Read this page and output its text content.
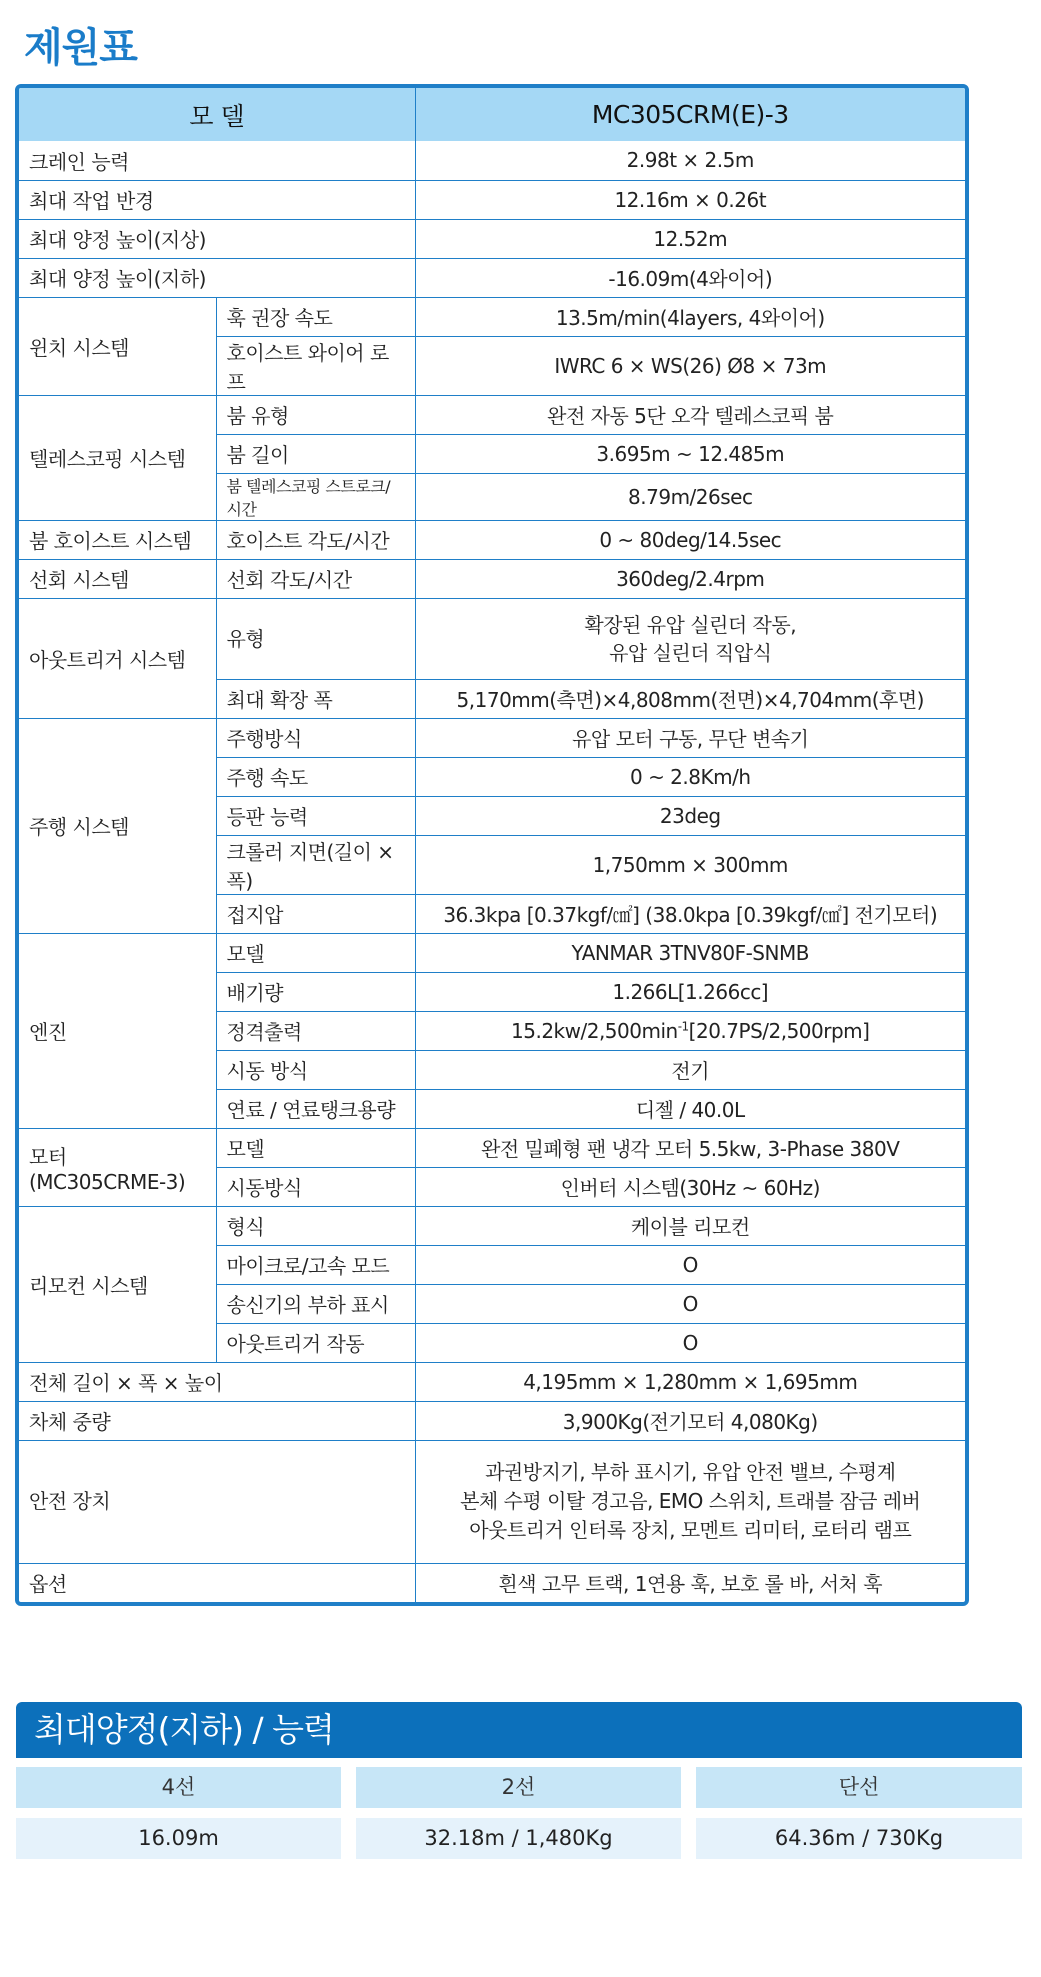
제원표
모 델		MC305CRM(E)-3
크레인 능력		2.98t × 2.5m
최대 작업 반경		12.16m × 0.26t
최대 양정 높이(지상)		12.52m
최대 양정 높이(지하)		-16.09m(4와이어)
윈치 시스템	훅 권장 속도	13.5m/min(4layers, 4와이어)
	호이스트 와이어 로프	IWRC 6 × WS(26) Ø8 × 73m
텔레스코핑 시스템	붐 유형	완전 자동 5단 오각 텔레스코픽 붐
	붐 길이	3.695m ~ 12.485m
	붐 텔레스코핑 스트로크/시간	8.79m/26sec
붐 호이스트 시스템	호이스트 각도/시간	0 ~ 80deg/14.5sec
선회 시스템	선회 각도/시간	360deg/2.4rpm
아웃트리거 시스템	유형	확장된 유압 실린더 작동,
유압 실린더 직압식

	최대 확장 폭	5,170mm(측면)×4,808mm(전면)×4,704mm(후면)
주행 시스템	주행방식	유압 모터 구동, 무단 변속기
	주행 속도	0 ~ 2.8Km/h
	등판 능력	23deg
	크롤러 지면(길이 × 폭)	1,750mm × 300mm
	접지압	36.3kpa [0.37kgf/㎠] (38.0kpa [0.39kgf/㎠] 전기모터)
엔진	모델	YANMAR 3TNV80F-SNMB
	배기량	1.266L[1.266cc]
	정격출력	$15.2kw/2,500\min^{-1}[20.7PS/2,500rpm]$
	시동 방식	전기
	연료 / 연료탱크용량	디젤 / 40.0L

모터
(MC305CRME-3)	모델	완전 밀폐형 팬 냉각 모터 5.5kw, 3-Phase 380V
	시동방식	인버터 시스템(30Hz ~ 60Hz)
리모컨 시스템	형식	케이블 리모컨
	마이크로/고속 모드	O
	송신기의 부하 표시	O
	아웃트리거 작동	O
전체 길이 × 폭 × 높이		4,195mm × 1,280mm × 1,695mm
차체 중량		3,900Kg(전기모터 4,080Kg)
안전 장치		과권방지기, 부하 표시기, 유압 안전 밸브, 수평계
본체 수평 이탈 경고음, EMO 스위치, 트래블 잠금 레버
아웃트리거 인터록 장치, 모멘트 리미터, 로터리 램프

옵션		흰색 고무 트랙, 1연용 훅, 보호 롤 바, 서처 훅
최대양정(지하) / 능력
4선	2선	단선
16.09m	32.18m / 1,480Kg	64.36m / 730Kg
